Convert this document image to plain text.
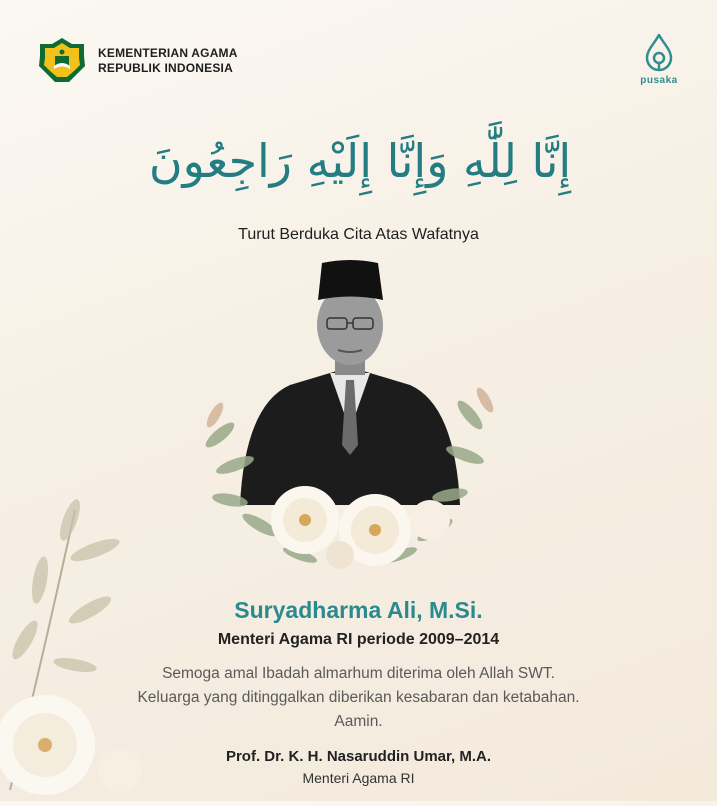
KEMENTERIAN AGAMA
REPUBLIK INDONESIA
pusaka
إِنَّا لِلَّٰهِ وَإِنَّا إِلَيْهِ رَاجِعُونَ
Turut Berduka Cita Atas Wafatnya
Suryadharma Ali, M.Si.
Menteri Agama RI periode 2009–2014
Semoga amal Ibadah almarhum diterima oleh Allah SWT.
Keluarga yang ditinggalkan diberikan kesabaran dan ketabahan.
Aamin.
Prof. Dr. K. H. Nasaruddin Umar, M.A.
Menteri Agama RI
